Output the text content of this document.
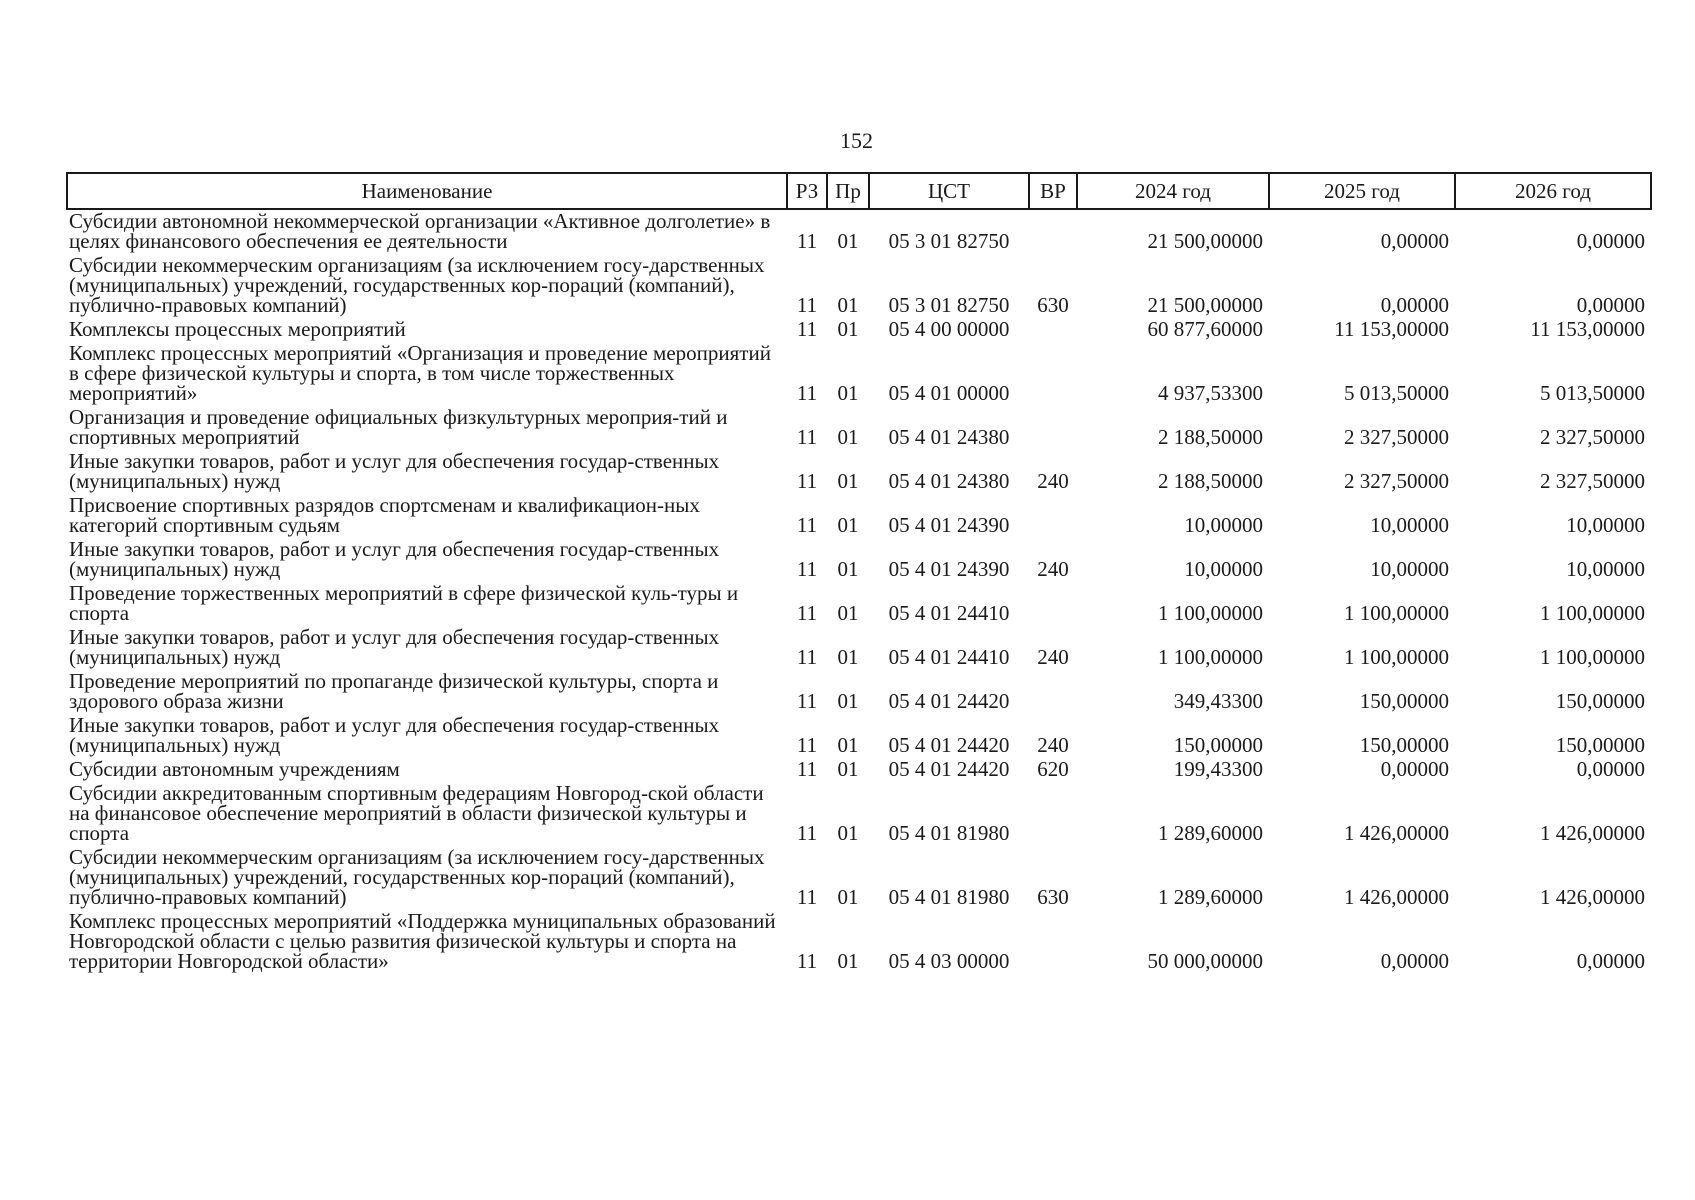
152
Наименование	РЗ	Пр	ЦСТ	ВР	2024 год	2025 год	2026 год
Субсидии автономной некоммерческой организации «Активное долголетие» в целях финансового обеспечения ее деятельности	11	01	05 3 01 82750		21 500,00000	0,00000	0,00000
Субсидии некоммерческим организациям (за исключением госу-дарственных (муниципальных) учреждений, государственных кор-пораций (компаний), публично-правовых компаний)	11	01	05 3 01 82750	630	21 500,00000	0,00000	0,00000
Комплексы процессных мероприятий	11	01	05 4 00 00000		60 877,60000	11 153,00000	11 153,00000
Комплекс процессных мероприятий «Организация и проведение мероприятий в сфере физической культуры и спорта, в том числе торжественных мероприятий»	11	01	05 4 01 00000		4 937,53300	5 013,50000	5 013,50000
Организация и проведение официальных физкультурных мероприя-тий и спортивных мероприятий	11	01	05 4 01 24380		2 188,50000	2 327,50000	2 327,50000
Иные закупки товаров, работ и услуг для обеспечения государ-ственных (муниципальных) нужд	11	01	05 4 01 24380	240	2 188,50000	2 327,50000	2 327,50000
Присвоение спортивных разрядов спортсменам и квалификацион-ных категорий спортивным судьям	11	01	05 4 01 24390		10,00000	10,00000	10,00000
Иные закупки товаров, работ и услуг для обеспечения государ-ственных (муниципальных) нужд	11	01	05 4 01 24390	240	10,00000	10,00000	10,00000
Проведение торжественных мероприятий в сфере физической куль-туры и спорта	11	01	05 4 01 24410		1 100,00000	1 100,00000	1 100,00000
Иные закупки товаров, работ и услуг для обеспечения государ-ственных (муниципальных) нужд	11	01	05 4 01 24410	240	1 100,00000	1 100,00000	1 100,00000
Проведение мероприятий по пропаганде физической культуры, спорта и здорового образа жизни	11	01	05 4 01 24420		349,43300	150,00000	150,00000
Иные закупки товаров, работ и услуг для обеспечения государ-ственных (муниципальных) нужд	11	01	05 4 01 24420	240	150,00000	150,00000	150,00000
Субсидии автономным учреждениям	11	01	05 4 01 24420	620	199,43300	0,00000	0,00000
Субсидии аккредитованным спортивным федерациям Новгород-ской области на финансовое обеспечение мероприятий в области физической культуры и спорта	11	01	05 4 01 81980		1 289,60000	1 426,00000	1 426,00000
Субсидии некоммерческим организациям (за исключением госу-дарственных (муниципальных) учреждений, государственных кор-пораций (компаний), публично-правовых компаний)	11	01	05 4 01 81980	630	1 289,60000	1 426,00000	1 426,00000
Комплекс процессных мероприятий «Поддержка муниципальных образований Новгородской области с целью развития физической культуры и спорта на территории Новгородской области»	11	01	05 4 03 00000		50 000,00000	0,00000	0,00000
